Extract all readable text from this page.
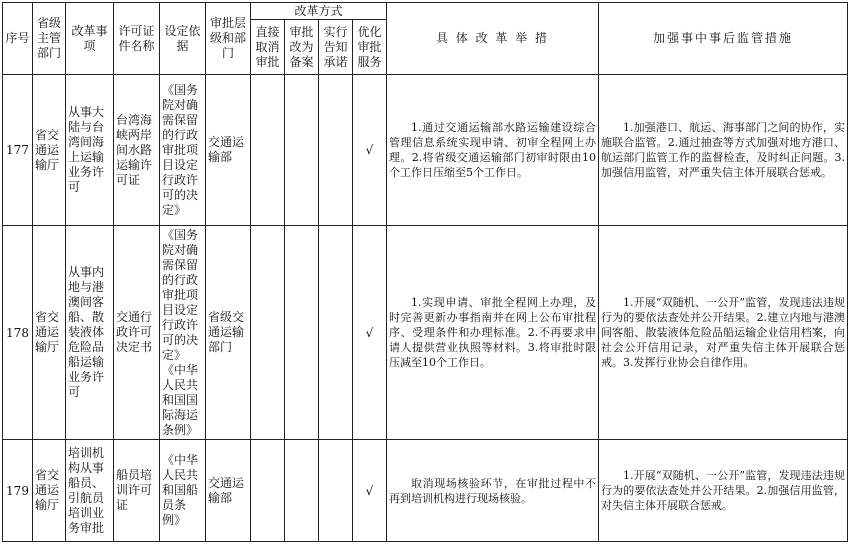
序号	省级主管部门	改革事项	许可证件名称	设定依据	审批层级和部门	改革方式				具 体 改 革 举 措	加强事中事后监管措施
						直接取消审批	审批改为备案	实行告知承诺	优化审批服务		
177	省交通运输厅	从事大陆与台湾间海上运输业务许可	台湾海峡两岸间水路运输许可证	《国务院对确需保留的行政审批项目设定行政许可的决定》	交通运输部				√	1.通过交通运输部水路运输建设综合管理信息系统实现申请、初审全程网上办理。2.将省级交通运输部门初审时限由10个工作日压缩至5个工作日。	1.加强港口、航运、海事部门之间的协作，实施联合监管。2.通过抽查等方式加强对地方港口、航运部门监管工作的监督检查，及时纠正问题。3.加强信用监管，对严重失信主体开展联合惩戒。

178	省交通运输厅	从事内地与港澳间客船、散装液体危险品船运输业务许可	交通行政许可决定书	《国务院对确需保留的行政审批项目设定行政许可的决定》《中华人民共和国国际海运条例》	省级交通运输部门				√	1.实现申请、审批全程网上办理，及时完善更新办事指南并在网上公布审批程序、受理条件和办理标准。2.不再要求申请人提供营业执照等材料。3.将审批时限压减至10个工作日。	1.开展“双随机、一公开”监管，发现违法违规行为的要依法查处并公开结果。2.建立内地与港澳间客船、散装液体危险品船运输企业信用档案，向社会公开信用记录，对严重失信主体开展联合惩戒。3.发挥行业协会自律作用。

179	省交通运输厅	培训机构从事船员、引航员培训业务审批	船员培训许可证	《中华人民共和国船员条例》	交通运输部				√	取消现场核验环节，在审批过程中不再到培训机构进行现场核验。	1.开展“双随机、一公开”监管，发现违法违规行为的要依法查处并公开结果。2.加强信用监管，对失信主体开展联合惩戒。
